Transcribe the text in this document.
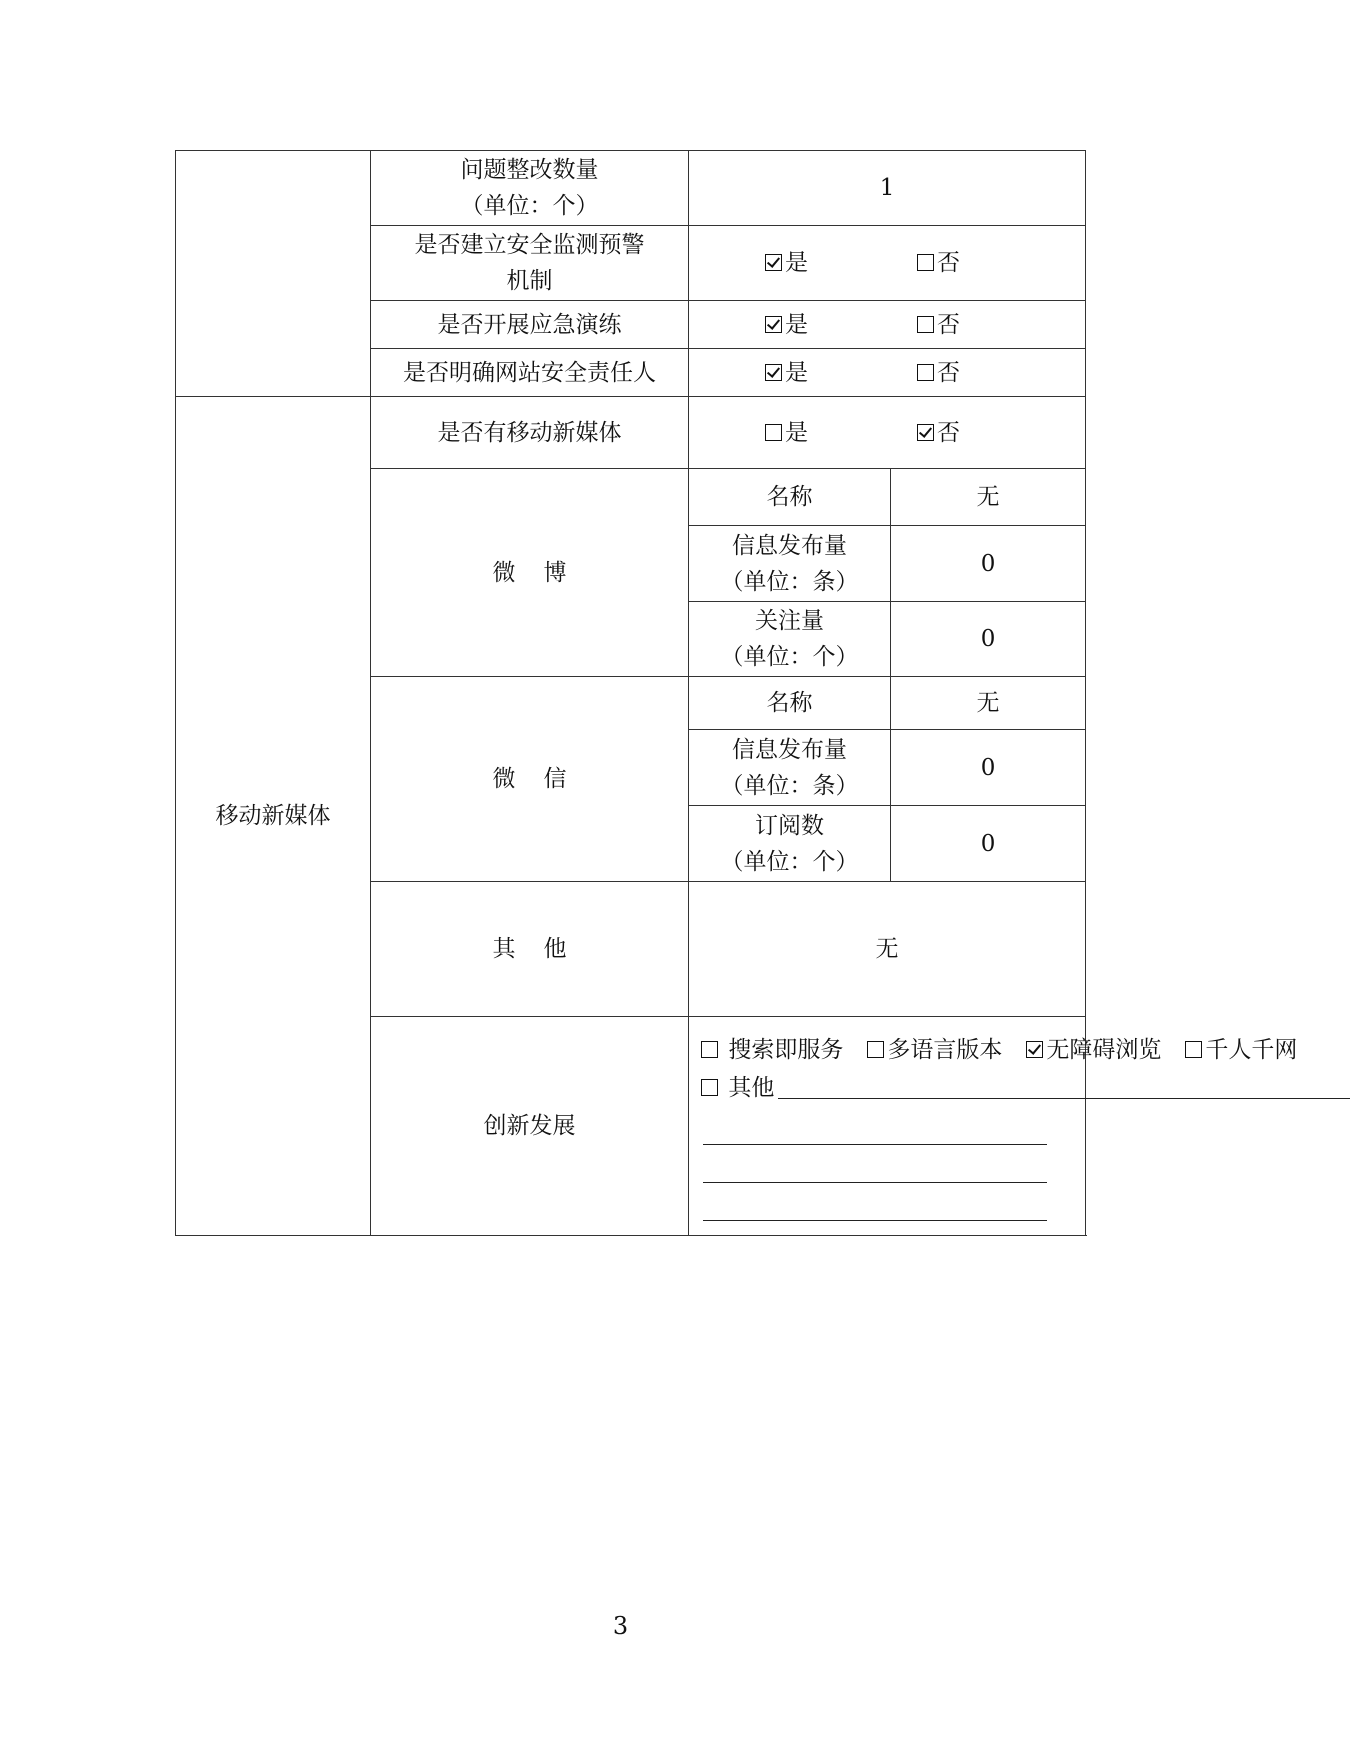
	问题整改数量
（单位：个）	1	

	是否建立安全监测预警
机制	是 否	
	是否开展应急演练	是 否	
	是否明确网站安全责任人	是 否	
移动新媒体	是否有移动新媒体	是 否	
	微博	名称	无

		信息发布量
（单位：条）	0

		关注量
（单位：个）	0
	微信	名称	无

		信息发布量
（单位：条）	0

		订阅数
（单位：个）	0
	其他	无	
	创新发展	搜索即服务 多语言版本 无障碍浏览 千人千网
其他	
3
